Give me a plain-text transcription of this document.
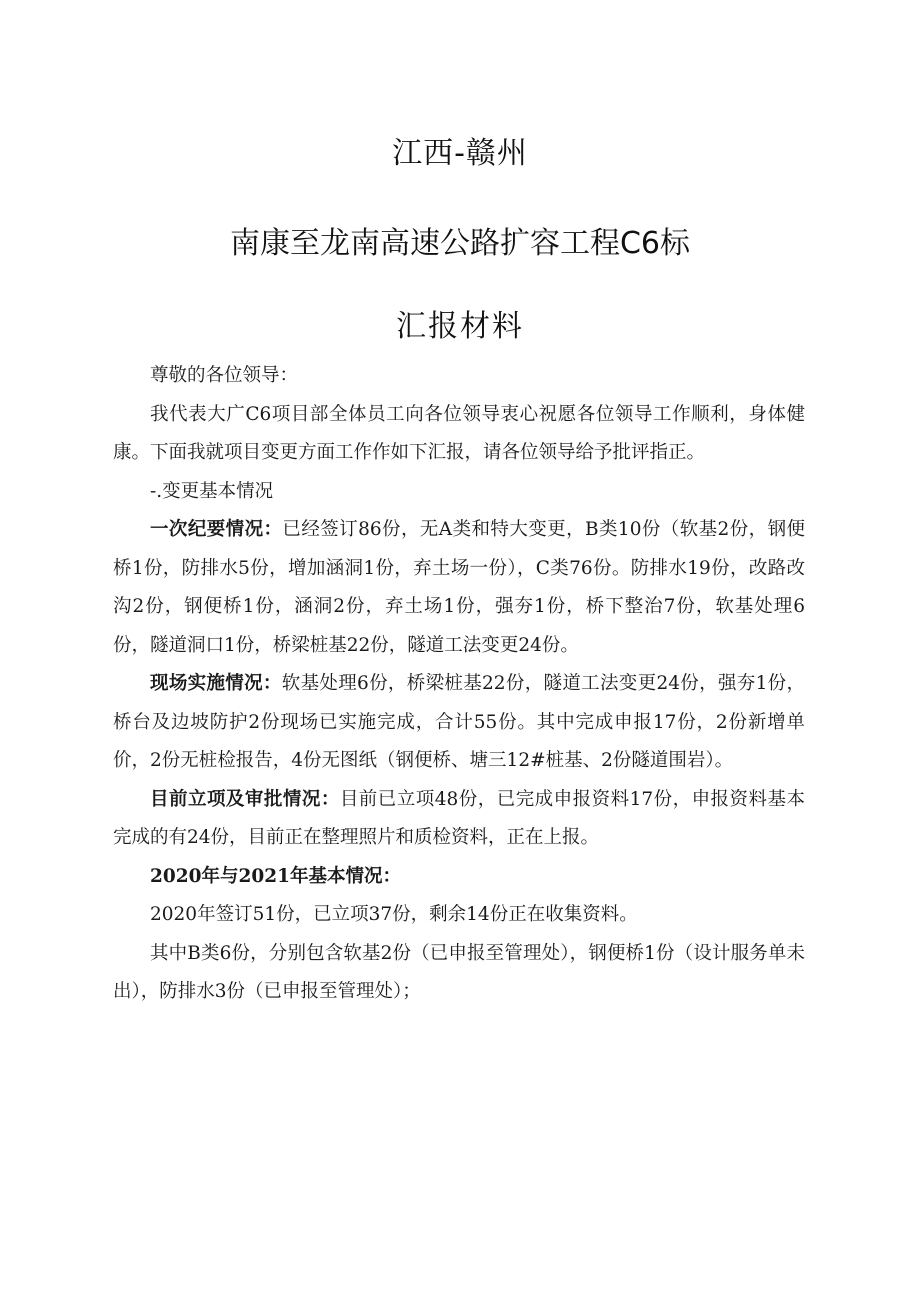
江西-赣州
南康至龙南高速公路扩容工程C6标
汇报材料

尊敬的各位领导：

我代表大广C6项目部全体员工向各位领导衷心祝愿各位领导工作顺利，身体健康。下面我就项目变更方面工作作如下汇报，请各位领导给予批评指正。

-.变更基本情况

一次纪要情况：已经签订86份，无A类和特大变更，B类10份（软基2份，钢便桥1份，防排水5份，增加涵洞1份，弃土场一份），C类76份。防排水19份，改路改沟2份，钢便桥1份，涵洞2份，弃土场1份，强夯1份，桥下整治7份，软基处理6份，隧道洞口1份，桥梁桩基22份，隧道工法变更24份。

现场实施情况：软基处理6份，桥梁桩基22份，隧道工法变更24份，强夯1份，桥台及边坡防护2份现场已实施完成，合计55份。其中完成申报17份，2份新增单价，2份无桩检报告，4份无图纸（钢便桥、塘三12#桩基、2份隧道围岩）。

目前立项及审批情况：目前已立项48份，已完成申报资料17份，申报资料基本完成的有24份，目前正在整理照片和质检资料，正在上报。

2020年与2021年基本情况：

2020年签订51份，已立项37份，剩余14份正在收集资料。

其中B类6份，分别包含软基2份（已申报至管理处），钢便桥1份（设计服务单未出），防排水3份（已申报至管理处）；
